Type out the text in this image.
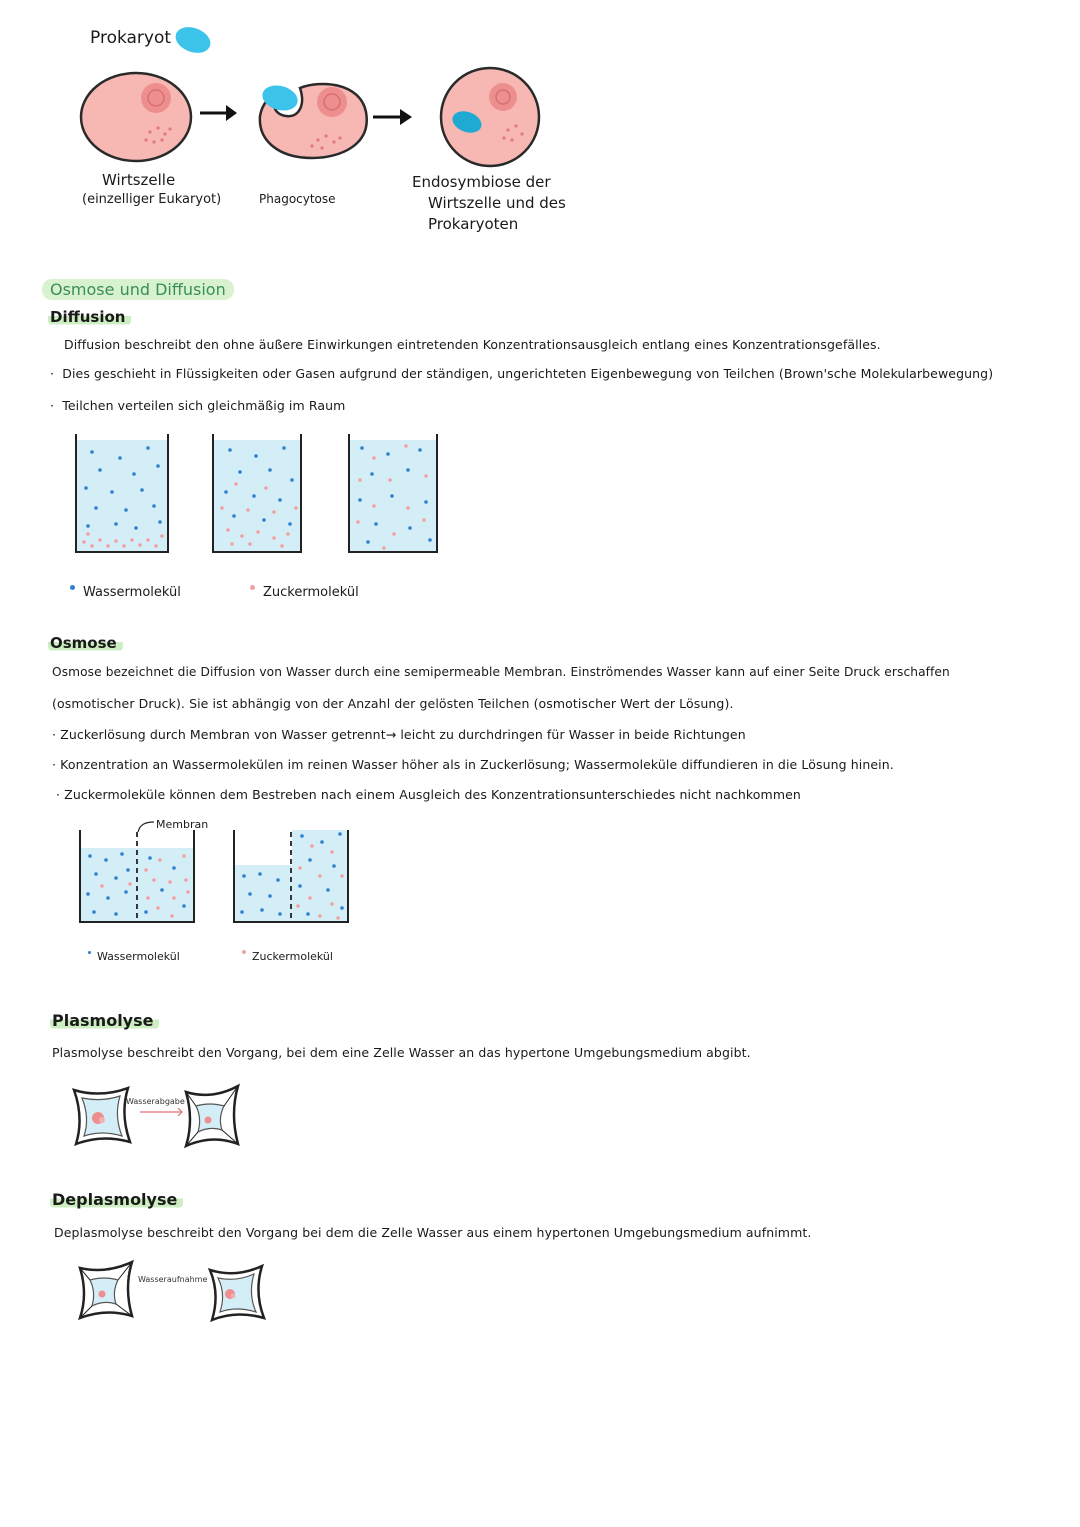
Prokaryot
Wirtszelle
(einzelliger Eukaryot)	Phagocytose
Endosymbiose der
Wirtszelle und des
Prokaryoten
Osmose und Diffusion
Diffusion
Diffusion beschreibt den ohne äußere Einwirkungen eintretenden Konzentrationsausgleich entlang eines Konzentrationsgefälles.
·  Dies geschieht in Flüssigkeiten oder Gasen aufgrund der ständigen, ungerichteten Eigenbewegung von Teilchen (Brown'sche Molekularbewegung)
·  Teilchen verteilen sich gleichmäßig im Raum
Wassermolekül	Zuckermolekül
Osmose
Osmose bezeichnet die Diffusion von Wasser durch eine semipermeable Membran. Einströmendes Wasser kann auf einer Seite Druck erschaffen
(osmotischer Druck). Sie ist abhängig von der Anzahl der gelösten Teilchen (osmotischer Wert der Lösung).
· Zuckerlösung durch Membran von Wasser getrennt→ leicht zu durchdringen für Wasser in beide Richtungen
· Konzentration an Wassermolekülen im reinen Wasser höher als in Zuckerlösung; Wassermoleküle diffundieren in die Lösung hinein.
· Zuckermoleküle können dem Bestreben nach einem Ausgleich des Konzentrationsunterschiedes nicht nachkommen
Membran
Wassermolekül	Zuckermolekül
Plasmolyse
Plasmolyse beschreibt den Vorgang, bei dem eine Zelle Wasser an das hypertone Umgebungsmedium abgibt.
Wasserabgabe
Deplasmolyse
Deplasmolyse beschreibt den Vorgang bei dem die Zelle Wasser aus einem hypertonen Umgebungsmedium aufnimmt.
Wasseraufnahme
